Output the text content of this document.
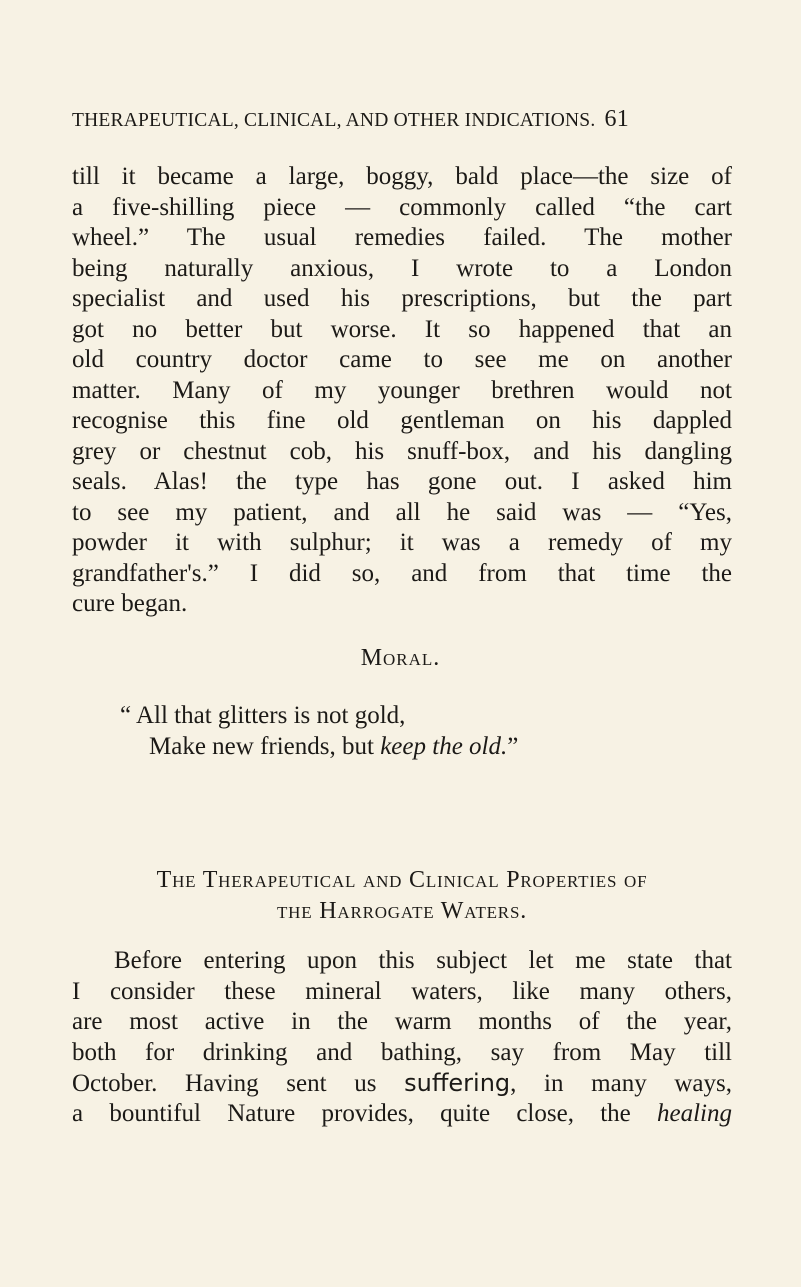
THERAPEUTICAL, CLINICAL, AND OTHER INDICATIONS. 61
till it became a large, boggy, bald place—the size of
a five-shilling piece — commonly called “the cart
wheel.” The usual remedies failed. The mother
being naturally anxious, I wrote to a London
specialist and used his prescriptions, but the part
got no better but worse. It so happened that an
old country doctor came to see me on another
matter. Many of my younger brethren would not
recognise this fine old gentleman on his dappled
grey or chestnut cob, his snuff-box, and his dangling
seals. Alas! the type has gone out. I asked him
to see my patient, and all he said was — “Yes,
powder it with sulphur; it was a remedy of my
grandfather's.” I did so, and from that time the
cure began.
Moral.
“ All that glitters is not gold,
Make new friends, but keep the old.”
The Therapeutical and Clinical Properties of
the Harrogate Waters.
Before entering upon this subject let me state that
I consider these mineral waters, like many others,
are most active in the warm months of the year,
both for drinking and bathing, say from May till
October. Having sent us suffering, in many ways,
a bountiful Nature provides, quite close, the healing
